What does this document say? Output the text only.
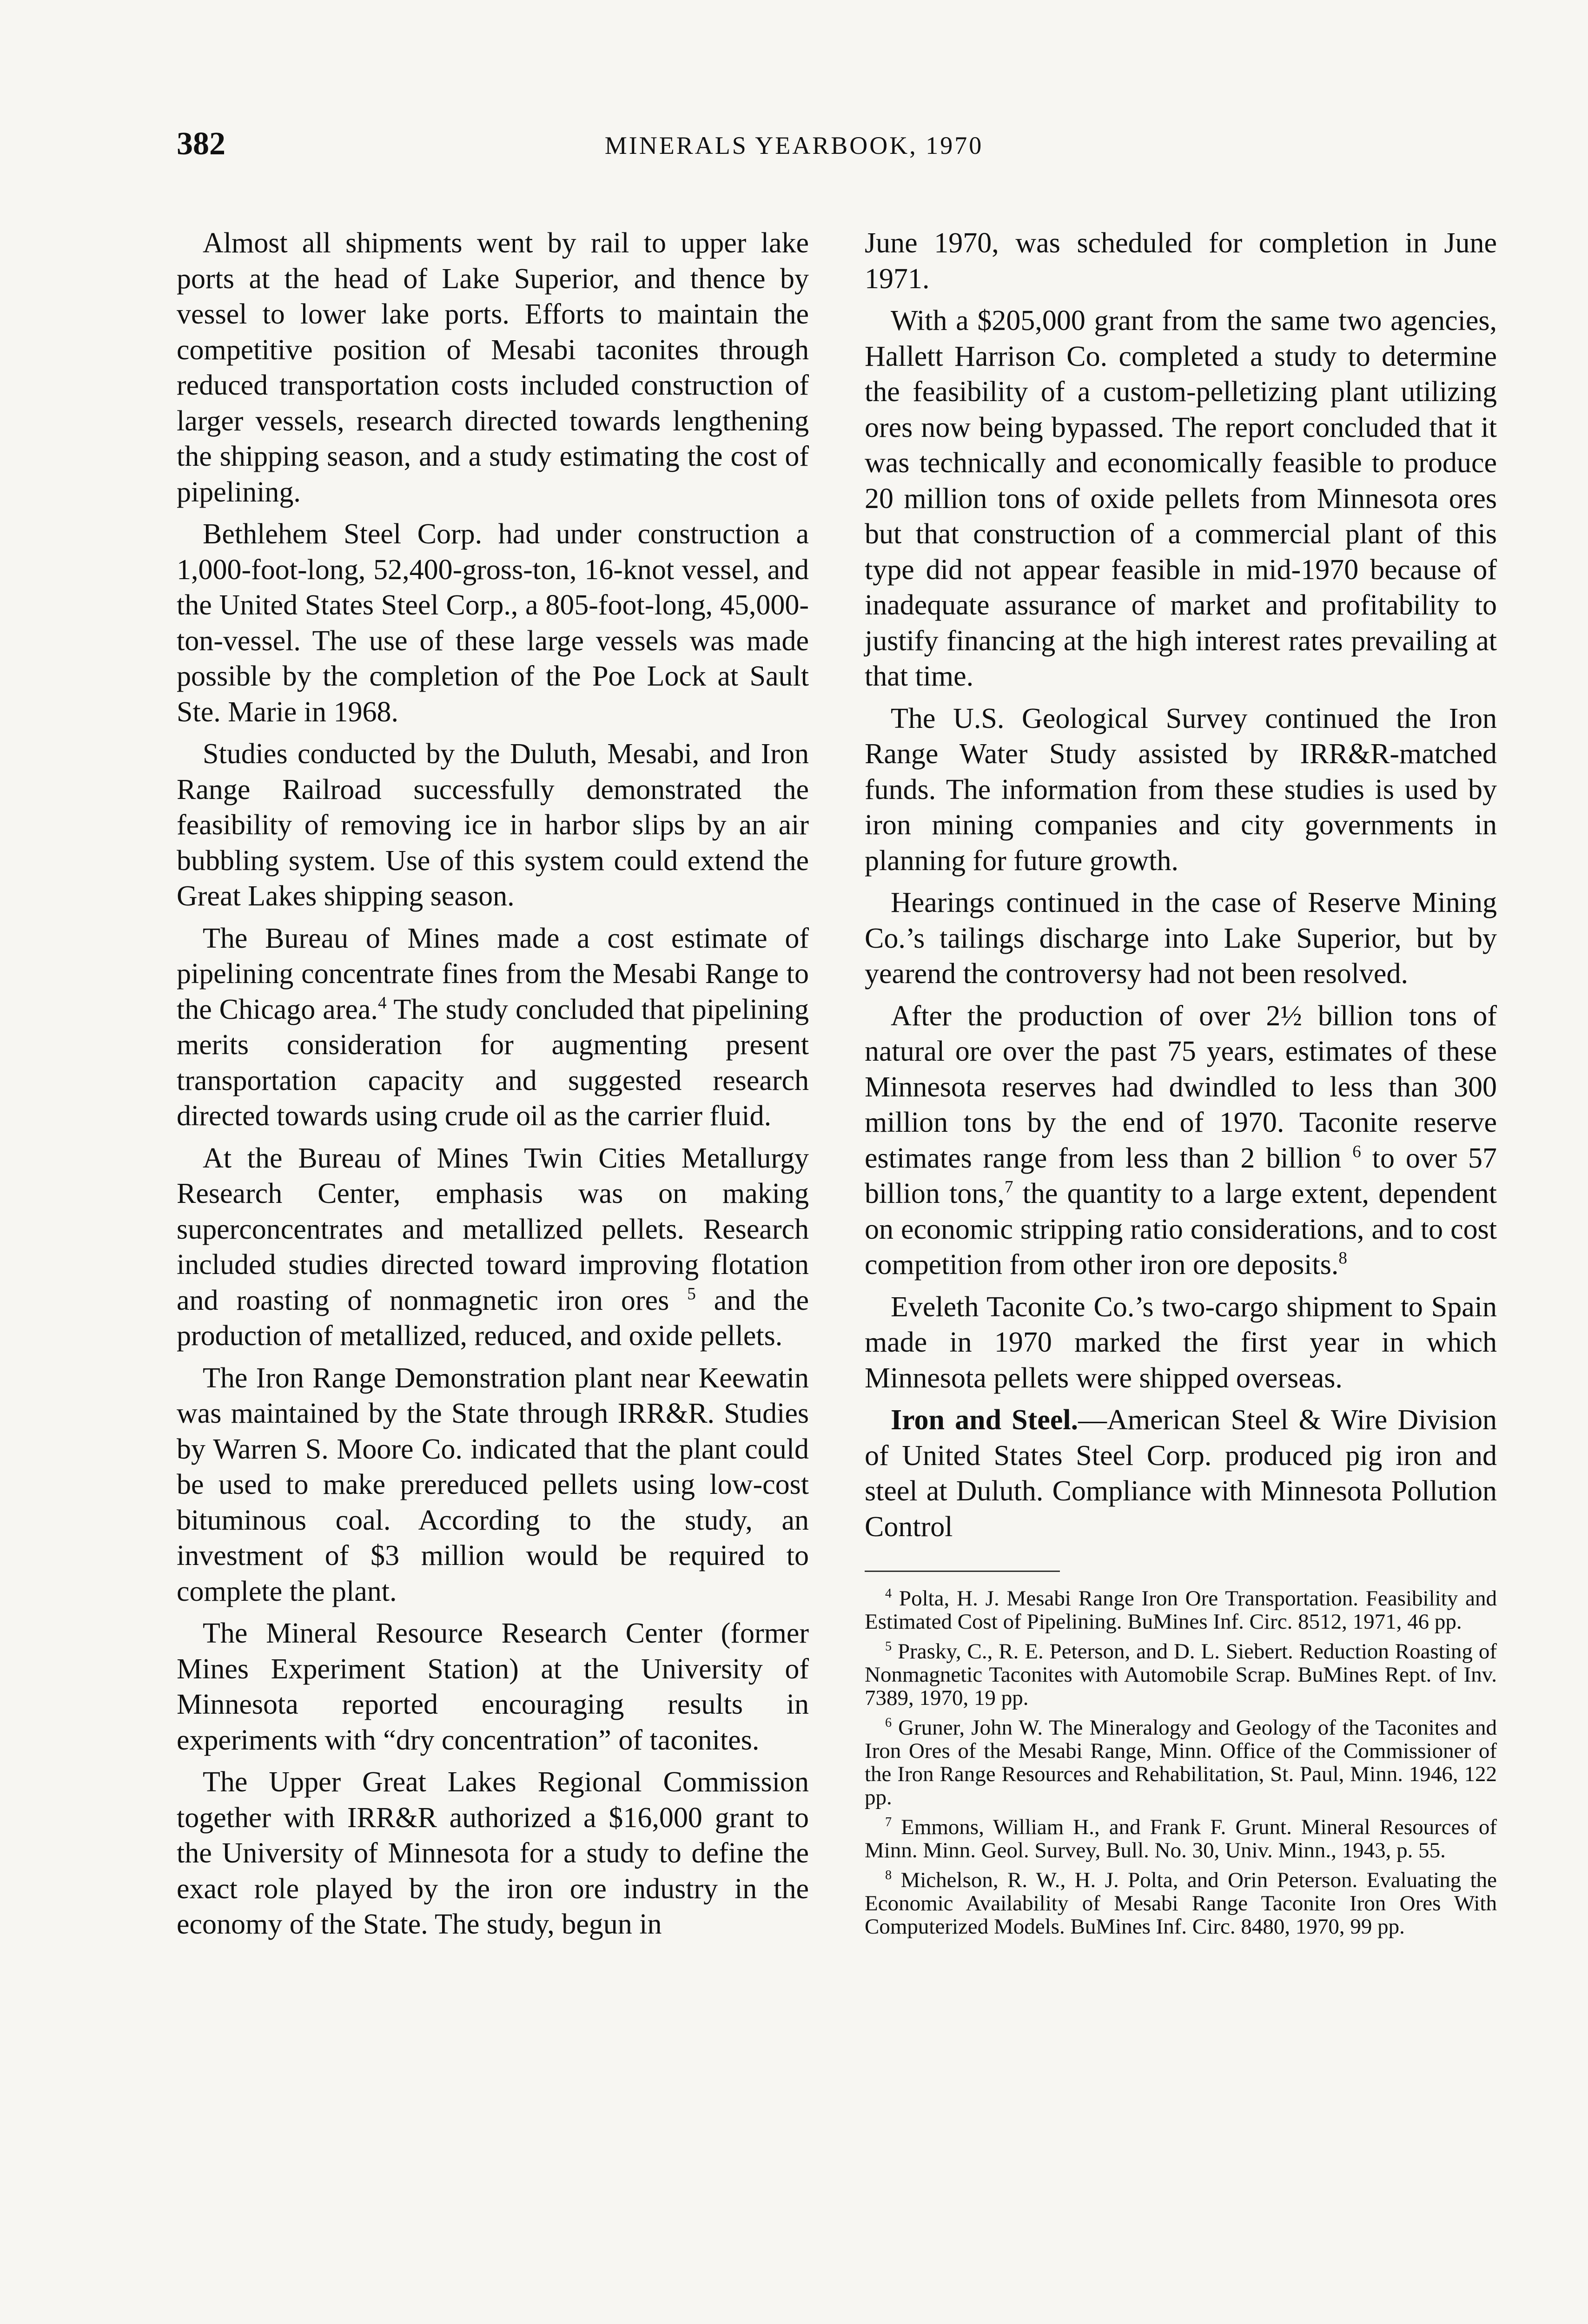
382	MINERALS YEARBOOK, 1970

Almost all shipments went by rail to upper lake ports at the head of Lake Superior, and thence by vessel to lower lake ports. Efforts to maintain the competitive position of Mesabi taconites through reduced transportation costs included construction of larger vessels, research directed towards lengthening the shipping season, and a study estimating the cost of pipelining.

Bethlehem Steel Corp. had under construction a 1,000-foot-long, 52,400-gross-ton, 16-knot vessel, and the United States Steel Corp., a 805-foot-long, 45,000-ton-vessel. The use of these large vessels was made possible by the completion of the Poe Lock at Sault Ste. Marie in 1968.

Studies conducted by the Duluth, Mesabi, and Iron Range Railroad successfully demonstrated the feasibility of removing ice in harbor slips by an air bubbling system. Use of this system could extend the Great Lakes shipping season.

The Bureau of Mines made a cost estimate of pipelining concentrate fines from the Mesabi Range to the Chicago area.$^4$ The study concluded that pipelining merits consideration for augmenting present transportation capacity and suggested research directed towards using crude oil as the carrier fluid.

At the Bureau of Mines Twin Cities Metallurgy Research Center, emphasis was on making superconcentrates and metallized pellets. Research included studies directed toward improving flotation and roasting of nonmagnetic iron ores $^5$ and the production of metallized, reduced, and oxide pellets.

The Iron Range Demonstration plant near Keewatin was maintained by the State through IRR&R. Studies by Warren S. Moore Co. indicated that the plant could be used to make prereduced pellets using low-cost bituminous coal. According to the study, an investment of $3 million would be required to complete the plant.

The Mineral Resource Research Center (former Mines Experiment Station) at the University of Minnesota reported encouraging results in experiments with “dry concentration” of taconites.

The Upper Great Lakes Regional Commission together with IRR&R authorized a $16,000 grant to the University of Minnesota for a study to define the exact role played by the iron ore industry in the economy of the State. The study, begun in

June 1970, was scheduled for completion in June 1971.

With a $205,000 grant from the same two agencies, Hallett Harrison Co. completed a study to determine the feasibility of a custom-pelletizing plant utilizing ores now being bypassed. The report concluded that it was technically and economically feasible to produce 20 million tons of oxide pellets from Minnesota ores but that construction of a commercial plant of this type did not appear feasible in mid-1970 because of inadequate assurance of market and profitability to justify financing at the high interest rates prevailing at that time.

The U.S. Geological Survey continued the Iron Range Water Study assisted by IRR&R-matched funds. The information from these studies is used by iron mining companies and city governments in planning for future growth.

Hearings continued in the case of Reserve Mining Co.’s tailings discharge into Lake Superior, but by yearend the controversy had not been resolved.

After the production of over 2½ billion tons of natural ore over the past 75 years, estimates of these Minnesota reserves had dwindled to less than 300 million tons by the end of 1970. Taconite reserve estimates range from less than 2 billion $^6$ to over 57 billion tons,$^7$ the quantity to a large extent, dependent on economic stripping ratio considerations, and to cost competition from other iron ore deposits.$^8$

Eveleth Taconite Co.’s two-cargo shipment to Spain made in 1970 marked the first year in which Minnesota pellets were shipped overseas.

Iron and Steel.—American Steel & Wire Division of United States Steel Corp. produced pig iron and steel at Duluth. Compliance with Minnesota Pollution Control

$^4$ Polta, H. J. Mesabi Range Iron Ore Transportation. Feasibility and Estimated Cost of Pipelining. BuMines Inf. Circ. 8512, 1971, 46 pp.

$^5$ Prasky, C., R. E. Peterson, and D. L. Siebert. Reduction Roasting of Nonmagnetic Taconites with Automobile Scrap. BuMines Rept. of Inv. 7389, 1970, 19 pp.

$^6$ Gruner, John W. The Mineralogy and Geology of the Taconites and Iron Ores of the Mesabi Range, Minn. Office of the Commissioner of the Iron Range Resources and Rehabilitation, St. Paul, Minn. 1946, 122 pp.

$^7$ Emmons, William H., and Frank F. Grunt. Mineral Resources of Minn. Minn. Geol. Survey, Bull. No. 30, Univ. Minn., 1943, p. 55.

$^8$ Michelson, R. W., H. J. Polta, and Orin Peterson. Evaluating the Economic Availability of Mesabi Range Taconite Iron Ores With Computerized Models. BuMines Inf. Circ. 8480, 1970, 99 pp.
